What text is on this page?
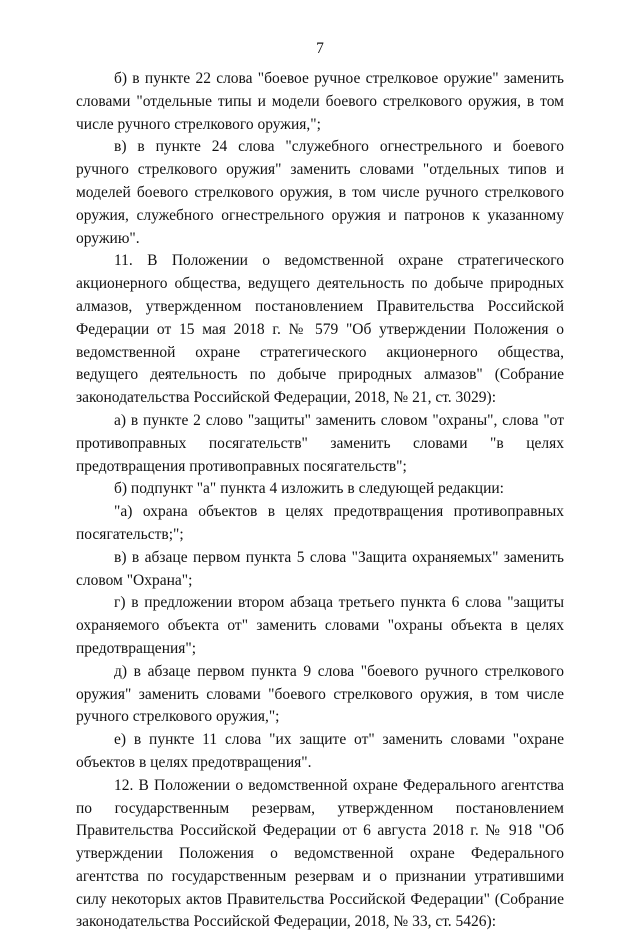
7

б) в пункте 22 слова "боевое ручное стрелковое оружие" заменить словами "отдельные типы и модели боевого стрелкового оружия, в том числе ручного стрелкового оружия,";

в) в пункте 24 слова "служебного огнестрельного и боевого ручного стрелкового оружия" заменить словами "отдельных типов и моделей боевого стрелкового оружия, в том числе ручного стрелкового оружия, служебного огнестрельного оружия и патронов к указанному оружию".

11. В Положении о ведомственной охране стратегического акционерного общества, ведущего деятельность по добыче природных алмазов, утвержденном постановлением Правительства Российской Федерации от 15 мая 2018 г. № 579 "Об утверждении Положения о ведомственной охране стратегического акционерного общества, ведущего деятельность по добыче природных алмазов" (Собрание законодательства Российской Федерации, 2018, № 21, ст. 3029):

а) в пункте 2 слово "защиты" заменить словом "охраны", слова "от противоправных посягательств" заменить словами "в целях предотвращения противоправных посягательств";

б) подпункт "а" пункта 4 изложить в следующей редакции:

"а) охрана объектов в целях предотвращения противоправных посягательств;";

в) в абзаце первом пункта 5 слова "Защита охраняемых" заменить словом "Охрана";

г) в предложении втором абзаца третьего пункта 6 слова "защиты охраняемого объекта от" заменить словами "охраны объекта в целях предотвращения";

д) в абзаце первом пункта 9 слова "боевого ручного стрелкового оружия" заменить словами "боевого стрелкового оружия, в том числе ручного стрелкового оружия,";

е) в пункте 11 слова "их защите от" заменить словами "охране объектов в целях предотвращения".

12. В Положении о ведомственной охране Федерального агентства по государственным резервам, утвержденном постановлением Правительства Российской Федерации от 6 августа 2018 г. № 918 "Об утверждении Положения о ведомственной охране Федерального агентства по государственным резервам и о признании утратившими силу некоторых актов Правительства Российской Федерации" (Собрание законодательства Российской Федерации, 2018, № 33, ст. 5426):
